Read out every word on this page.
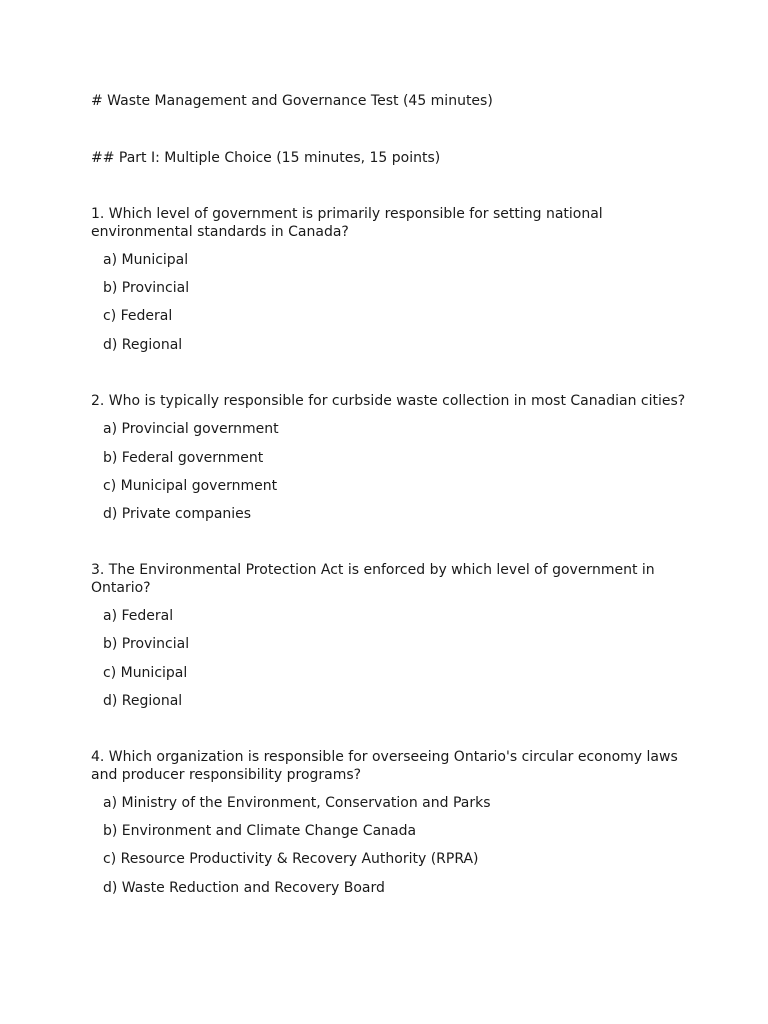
# Waste Management and Governance Test (45 minutes)
## Part I: Multiple Choice (15 minutes, 15 points)
1. Which level of government is primarily responsible for setting national environmental standards in Canada?
a) Municipal
b) Provincial
c) Federal
d) Regional
2. Who is typically responsible for curbside waste collection in most Canadian cities?
a) Provincial government
b) Federal government
c) Municipal government
d) Private companies
3. The Environmental Protection Act is enforced by which level of government in Ontario?
a) Federal
b) Provincial
c) Municipal
d) Regional
4. Which organization is responsible for overseeing Ontario's circular economy laws and producer responsibility programs?
a) Ministry of the Environment, Conservation and Parks
b) Environment and Climate Change Canada
c) Resource Productivity & Recovery Authority (RPRA)
d) Waste Reduction and Recovery Board
